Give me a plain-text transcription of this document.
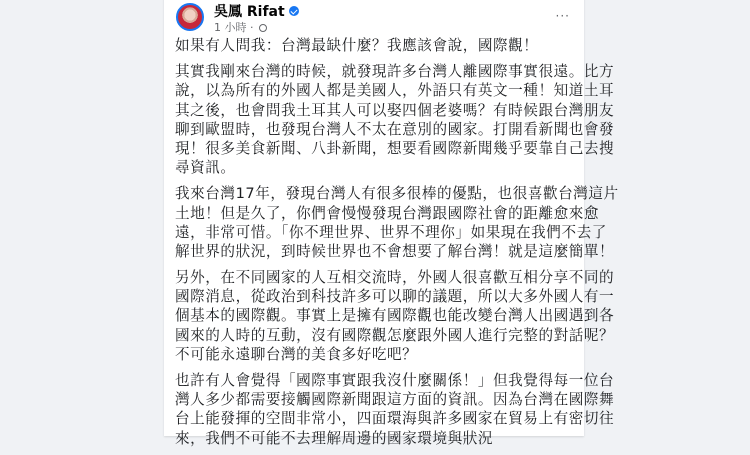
吳鳳 Rifat
1 小時 ·
···
如果有人問我：台灣最缺什麼？我應該會說，國際觀！
其實我剛來台灣的時候，就發現許多台灣人離國際事實很遠。比方
說，以為所有的外國人都是美國人，外語只有英文一種！知道土耳
其之後，也會問我土耳其人可以娶四個老婆嗎？有時候跟台灣朋友
聊到歐盟時，也發現台灣人不太在意別的國家。打開看新聞也會發
現！很多美食新聞、八卦新聞，想要看國際新聞幾乎要靠自己去搜
尋資訊。
我來台灣17年，發現台灣人有很多很棒的優點，也很喜歡台灣這片
土地！但是久了，你們會慢慢發現台灣跟國際社會的距離愈來愈
遠，非常可惜。「你不理世界、世界不理你」如果現在我們不去了
解世界的狀況，到時候世界也不會想要了解台灣！就是這麼簡單！
另外，在不同國家的人互相交流時，外國人很喜歡互相分享不同的
國際消息，從政治到科技許多可以聊的議題，所以大多外國人有一
個基本的國際觀。事實上是擁有國際觀也能改變台灣人出國遇到各
國來的人時的互動，沒有國際觀怎麼跟外國人進行完整的對話呢？
不可能永遠聊台灣的美食多好吃吧？
也許有人會覺得「國際事實跟我沒什麼關係！」但我覺得每一位台
灣人多少都需要接觸國際新聞跟這方面的資訊。因為台灣在國際舞
台上能發揮的空間非常小，四面環海與許多國家在貿易上有密切往
來，我們不可能不去理解周邊的國家環境與狀況
